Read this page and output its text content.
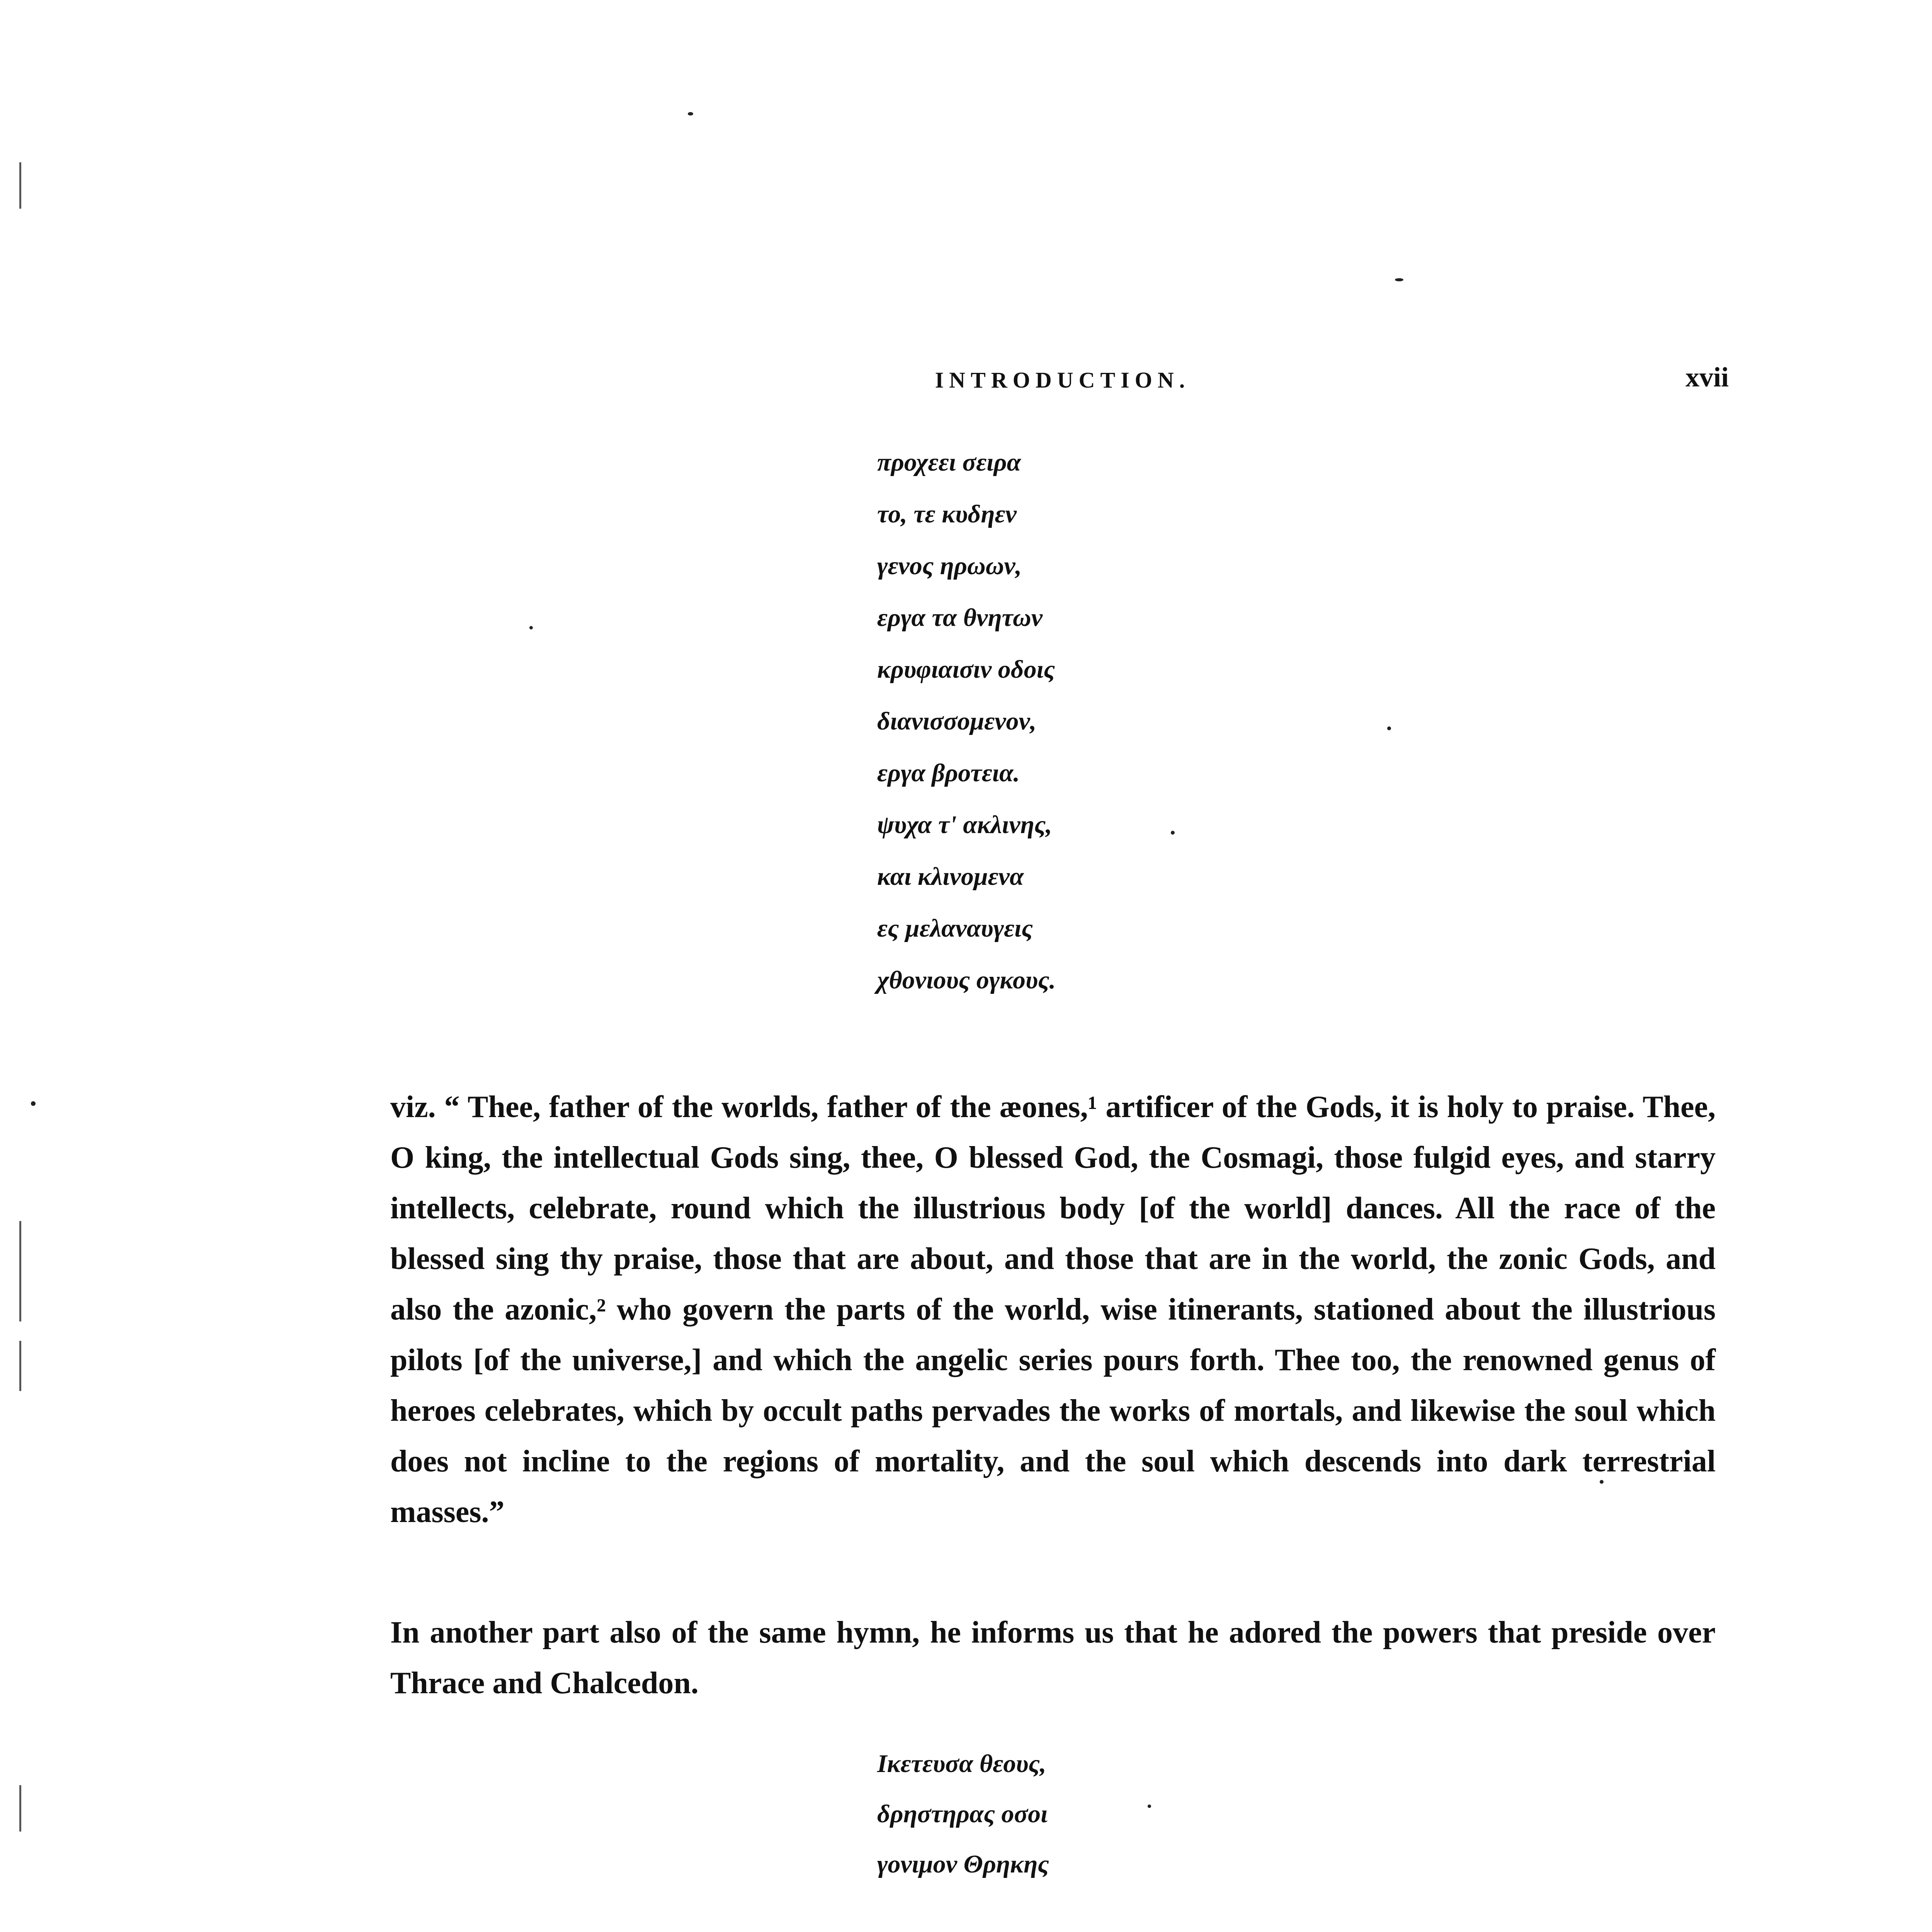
INTRODUCTION.	xvii
προχεει σειρα
το, τε κυδηεν
γενος ηρωων,
εργα τα θνητων
κρυφιαισιν οδοις
διανισσομενον,
εργα βροτεια.
ψυχα τ' ακλινης,
και κλινομενα
ες μελαναυγεις
χθονιους ογκους.

viz. “ Thee, father of the worlds, father of the æones,¹ artificer of the Gods, it is holy to praise. Thee, O king, the intellectual Gods sing, thee, O blessed God, the Cosmagi, those fulgid eyes, and starry intellects, celebrate, round which the illustrious body [of the world] dances. All the race of the blessed sing thy praise, those that are about, and those that are in the world, the zonic Gods, and also the azonic,² who govern the parts of the world, wise itinerants, stationed about the illustrious pilots [of the universe,] and which the angelic series pours forth. Thee too, the renowned genus of heroes celebrates, which by occult paths pervades the works of mortals, and likewise the soul which does not incline to the regions of mortality, and the soul which descends into dark terrestrial masses.”

In another part also of the same hymn, he informs us that he adored the powers that preside over Thrace and Chalcedon.

Ικετευσα θεους,
δρηστηρας οσοι
γονιμον Θρηκης
